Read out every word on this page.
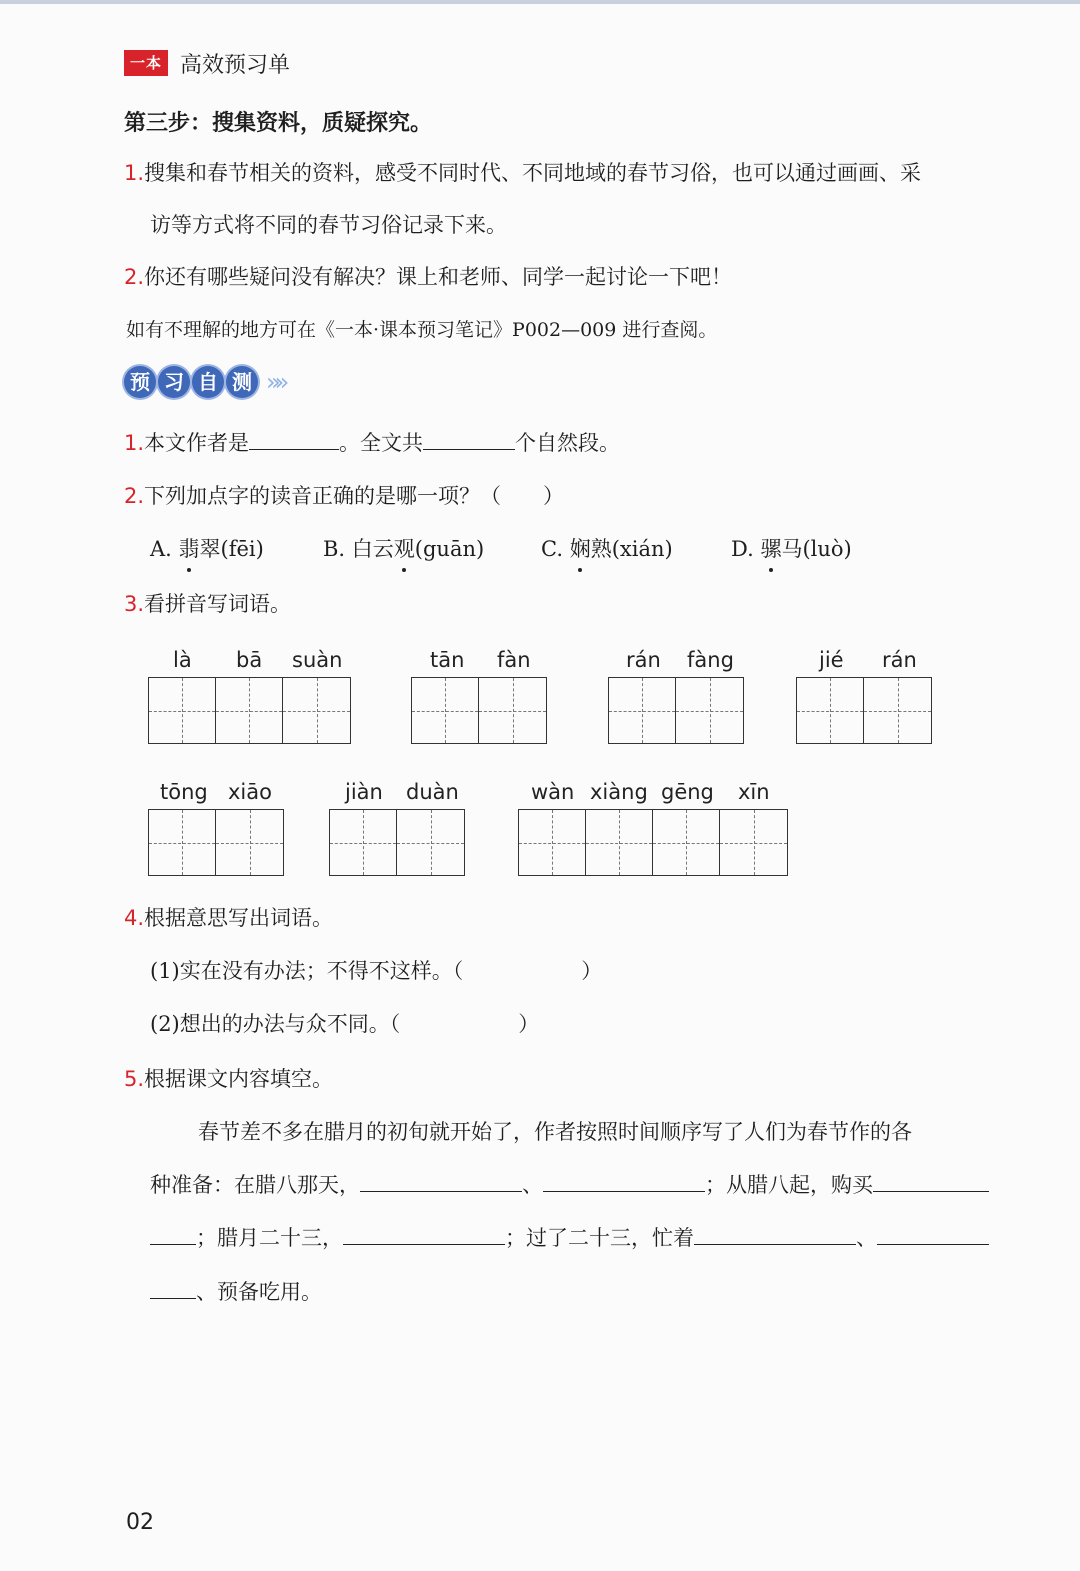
一本 高效预习单
第三步：搜集资料，质疑探究。
1.搜集和春节相关的资料，感受不同时代、不同地域的春节习俗，也可以通过画画、采
访等方式将不同的春节习俗记录下来。
2.你还有哪些疑问没有解决？课上和老师、同学一起讨论一下吧！
如有不理解的地方可在《一本·课本预习笔记》P002—009 进行查阅。
预 习 自 测 »»
1.本文作者是	。全文共	个自然段。
2.下列加点字的读音正确的是哪一项？（　　）
A. 翡翠(fēi)	B. 白云观(guān)	C. 娴熟(xián)	D. 骡马(luò)
3.看拼音写词语。
là bā suàn	tān fàn	rán fàng	jié rán
tōng xiāo	jiàn duàn	wàn xiàng gēng xīn
4.根据意思写出词语。
(1)实在没有办法；不得不这样。（	）
(2)想出的办法与众不同。（	）
5.根据课文内容填空。
春节差不多在腊月的初旬就开始了，作者按照时间顺序写了人们为春节作的各
种准备：在腊八那天，	、	；从腊八起，购买
；腊月二十三，	；过了二十三，忙着	、
、预备吃用。
02
